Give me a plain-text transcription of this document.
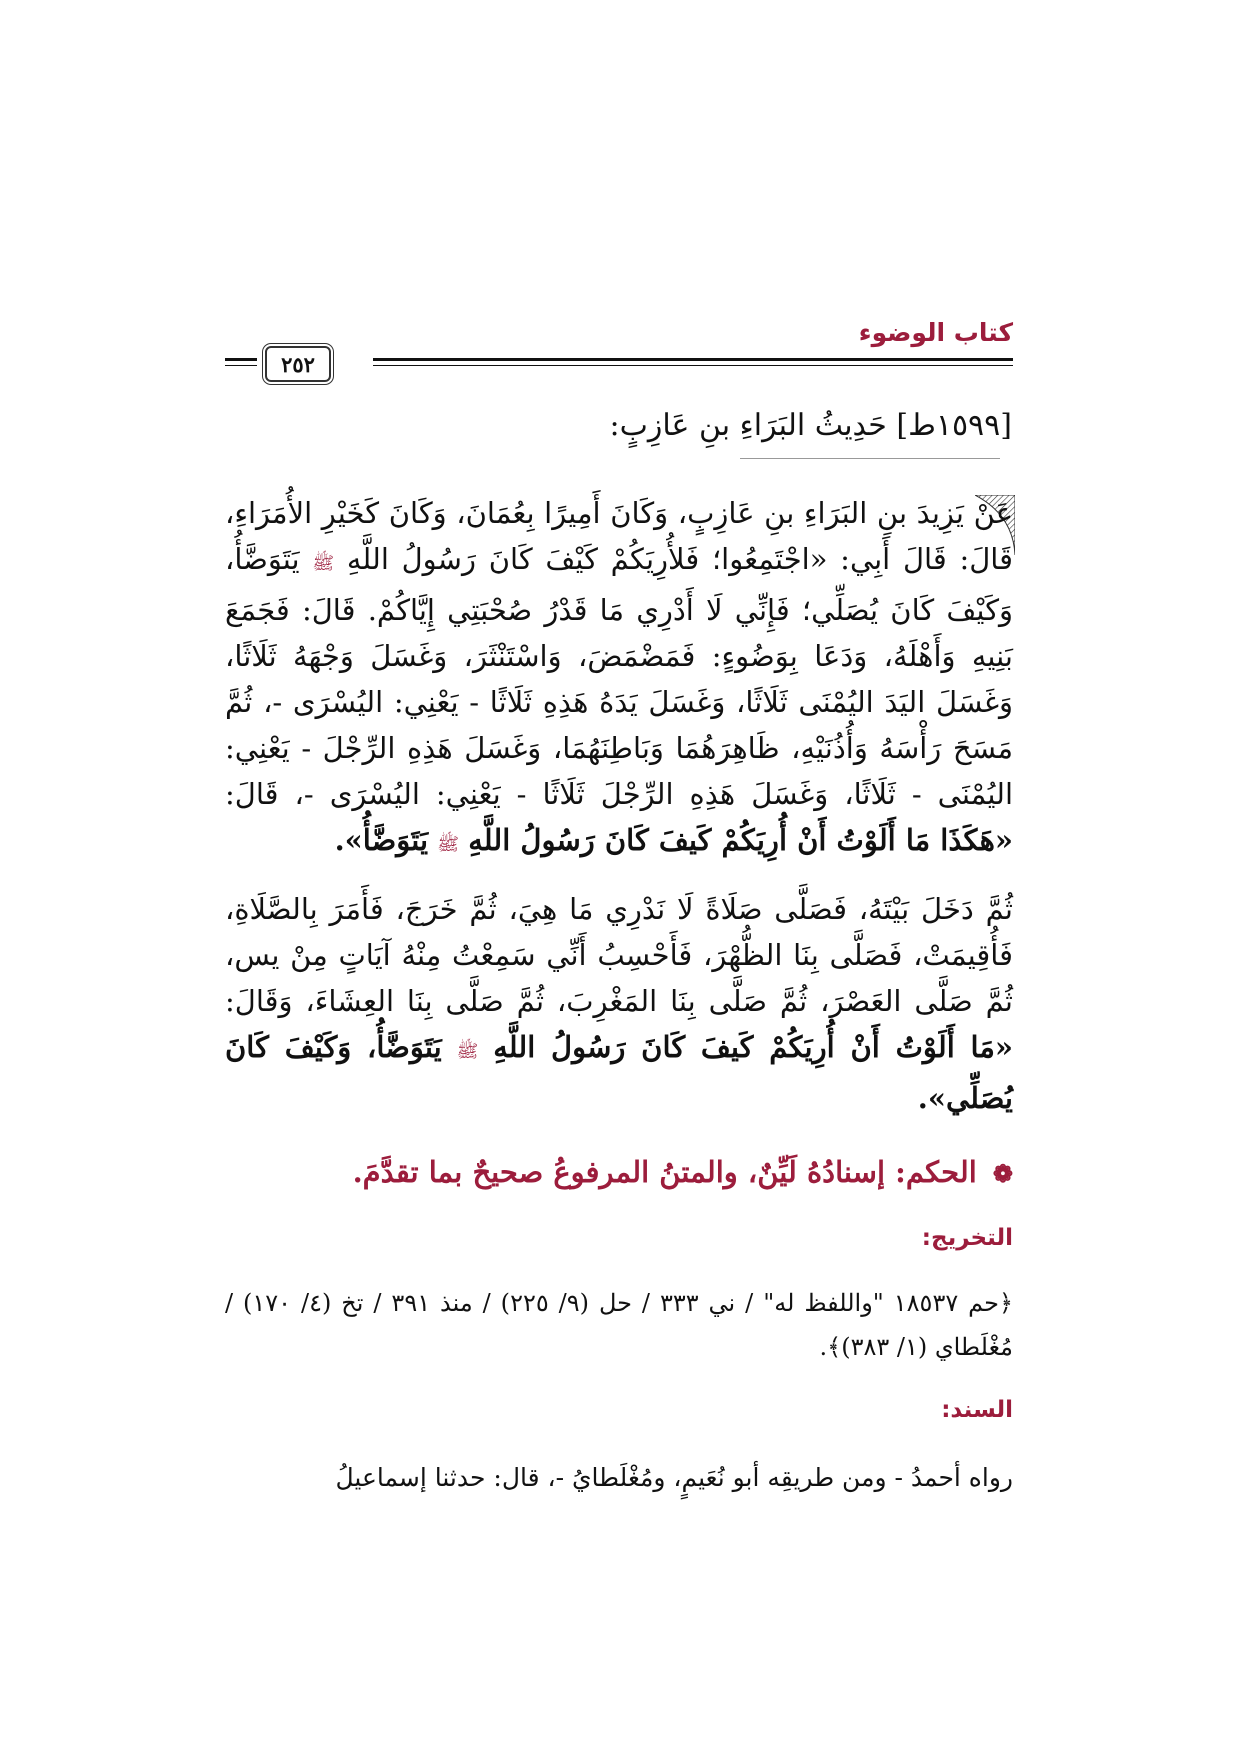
كتاب الوضوء
٢٥٢
[١٥٩٩ط] حَدِيثُ البَرَاءِ بنِ عَازِبٍ:

عَنْ يَزِيدَ بنِ البَرَاءِ بنِ عَازِبٍ، وَكَانَ أَمِيرًا بِعُمَانَ، وَكَانَ كَخَيْرِ الأُمَرَاءِ، قَالَ: قَالَ أَبِي: «اجْتَمِعُوا؛ فَلأُرِيَكُمْ كَيْفَ كَانَ رَسُولُ اللَّهِ ﷺ يَتَوَضَّأُ، وَكَيْفَ كَانَ يُصَلِّي؛ فَإِنِّي لَا أَدْرِي مَا قَدْرُ صُحْبَتِي إِيَّاكُمْ. قَالَ: فَجَمَعَ بَنِيهِ وَأَهْلَهُ، وَدَعَا بِوَضُوءٍ: فَمَضْمَضَ، وَاسْتَنْثَرَ، وَغَسَلَ وَجْهَهُ ثَلَاثًا، وَغَسَلَ اليَدَ اليُمْنَى ثَلَاثًا، وَغَسَلَ يَدَهُ هَذِهِ ثَلَاثًا - يَعْنِي: اليُسْرَى -، ثُمَّ مَسَحَ رَأْسَهُ وَأُذُنَيْهِ، ظَاهِرَهُمَا وَبَاطِنَهُمَا، وَغَسَلَ هَذِهِ الرِّجْلَ - يَعْنِي: اليُمْنَى - ثَلَاثًا، وَغَسَلَ هَذِهِ الرِّجْلَ ثَلَاثًا - يَعْنِي: اليُسْرَى -، قَالَ: «هَكَذَا مَا أَلَوْتُ أَنْ أُرِيَكُمْ كَيفَ كَانَ رَسُولُ اللَّهِ ﷺ يَتَوَضَّأُ».

ثُمَّ دَخَلَ بَيْتَهُ، فَصَلَّى صَلَاةً لَا نَدْرِي مَا هِيَ، ثُمَّ خَرَجَ، فَأَمَرَ بِالصَّلَاةِ، فَأُقِيمَتْ، فَصَلَّى بِنَا الظُّهْرَ، فَأَحْسِبُ أَنِّي سَمِعْتُ مِنْهُ آيَاتٍ مِنْ يس، ثُمَّ صَلَّى العَصْرَ، ثُمَّ صَلَّى بِنَا المَغْرِبَ، ثُمَّ صَلَّى بِنَا العِشَاءَ، وَقَالَ: «مَا أَلَوْتُ أَنْ أُرِيَكُمْ كَيفَ كَانَ رَسُولُ اللَّهِ ﷺ يَتَوَضَّأُ، وَكَيْفَ كَانَ يُصَلِّي».

❁ الحكم: إسنادُهُ لَيِّنٌ، والمتنُ المرفوعُ صحيحٌ بما تقدَّمَ.

التخريج:

﴿حم ١٨٥٣٧ "واللفظ له" / ني ٣٣٣ / حل (٩/ ٢٢٥) / منذ ٣٩١ / تخ (٤/ ١٧٠) / مُغْلَطاي (١/ ٣٨٣)﴾.

السند:

رواه أحمدُ - ومن طريقِه أبو نُعَيمٍ، ومُغْلَطايُ -، قال: حدثنا إسماعيلُ
